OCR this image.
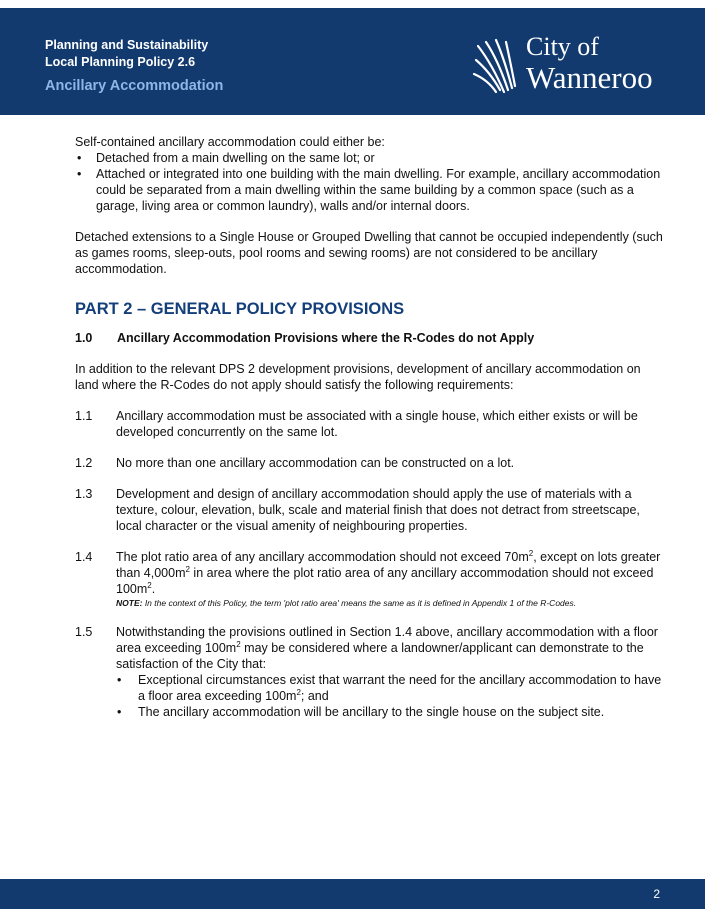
Planning and Sustainability
Local Planning Policy 2.6
Ancillary Accommodation
City of
Wanneroo

Self-contained ancillary accommodation could either be:

• Detached from a main dwelling on the same lot; or
• Attached or integrated into one building with the main dwelling. For example, ancillary accommodation could be separated from a main dwelling within the same building by a common space (such as a garage, living area or common laundry), walls and/or internal doors.

Detached extensions to a Single House or Grouped Dwelling that cannot be occupied independently (such as games rooms, sleep-outs, pool rooms and sewing rooms) are not considered to be ancillary accommodation.

PART 2 – GENERAL POLICY PROVISIONS
1.0	Ancillary Accommodation Provisions where the R-Codes do not Apply

In addition to the relevant DPS 2 development provisions, development of ancillary accommodation on land where the R-Codes do not apply should satisfy the following requirements:

1.1	Ancillary accommodation must be associated with a single house, which either exists or will be developed concurrently on the same lot.
1.2	No more than one ancillary accommodation can be constructed on a lot.
1.3	Development and design of ancillary accommodation should apply the use of materials with a texture, colour, elevation, bulk, scale and material finish that does not detract from streetscape, local character or the visual amenity of neighbouring properties.
1.4	The plot ratio area of any ancillary accommodation should not exceed $70m^2$, except on lots greater than $4,000m^2$ in area where the plot ratio area of any ancillary accommodation should not exceed $100m^2$.
NOTE: In the context of this Policy, the term 'plot ratio area' means the same as it is defined in Appendix 1 of the R-Codes.
1.5	Notwithstanding the provisions outlined in Section 1.4 above, ancillary accommodation with a floor area exceeding $100m^2$ may be considered where a landowner/applicant can demonstrate to the satisfaction of the City that:
• Exceptional circumstances exist that warrant the need for the ancillary accommodation to have a floor area exceeding $100m^2$; and
• The ancillary accommodation will be ancillary to the single house on the subject site.
2
